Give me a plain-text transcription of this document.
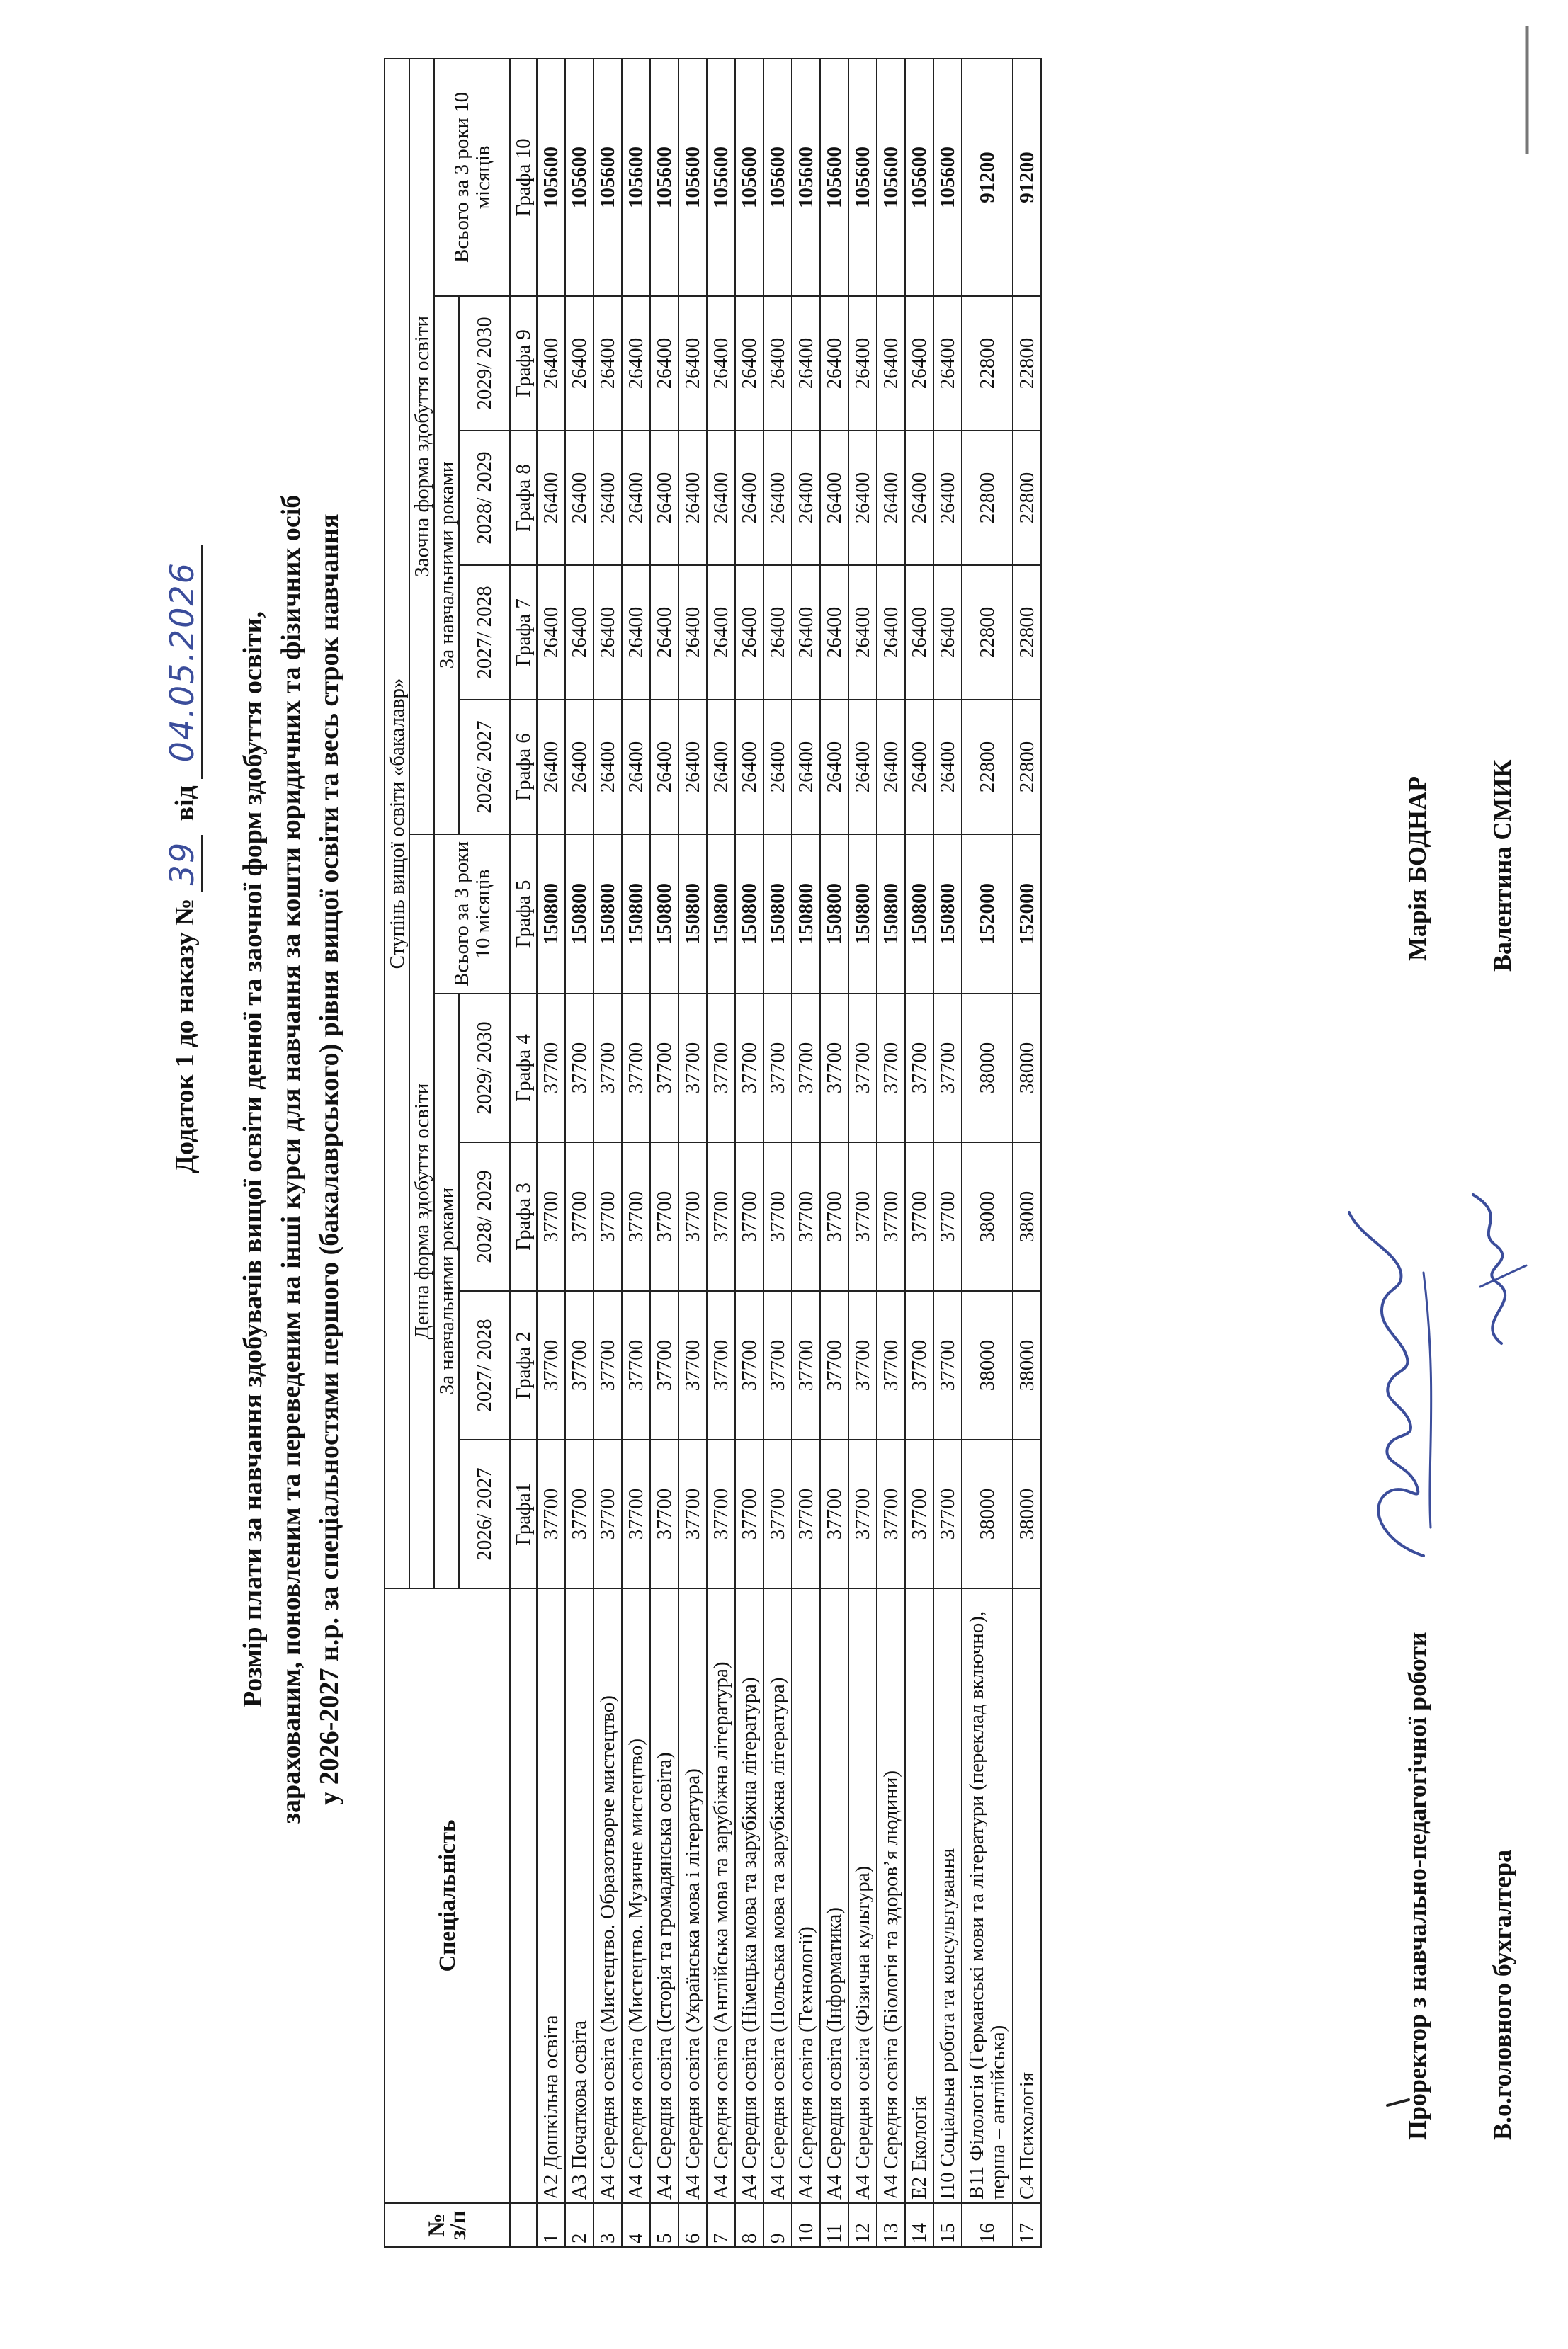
Додаток 1 до наказу № 39 від 04.05.2026 Розмір плати за навчання здобувачів вищої освіти денної та заочної форм здобуття освіти, зарахованим, поновленим та переведеним на інші курси для навчання за кошти юридичних та фізичних осіб у 2026-2027 н.р. за спеціальностями першого (бакалаврського) рівня вищої освіти та весь строк навчання
№ з/п	Спеціальність	Ступінь вищої освіти «бакалавр»									
		Денна форма здобуття освіти					Заочна форма здобуття освіти				
		За навчальними роками				Всього за 3 роки 10 місяців	За навчальними роками				Всього за 3 роки 10 місяців
		2026/ 2027	2027/ 2028	2028/ 2029	2029/ 2030		2026/ 2027	2027/ 2028	2028/ 2029	2029/ 2030	
		Графа1	Графа 2	Графа 3	Графа 4	Графа 5	Графа 6	Графа 7	Графа 8	Графа 9	Графа 10
1	А2 Дошкільна освіта	37700	37700	37700	37700	150800	26400	26400	26400	26400	105600
2	А3 Початкова освіта	37700	37700	37700	37700	150800	26400	26400	26400	26400	105600
3	А4 Середня освіта (Мистецтво. Образотворче мистецтво)	37700	37700	37700	37700	150800	26400	26400	26400	26400	105600
4	А4 Середня освіта (Мистецтво. Музичне мистецтво)	37700	37700	37700	37700	150800	26400	26400	26400	26400	105600
5	А4 Середня освіта (Історія та громадянська освіта)	37700	37700	37700	37700	150800	26400	26400	26400	26400	105600
6	А4 Середня освіта (Українська мова і література)	37700	37700	37700	37700	150800	26400	26400	26400	26400	105600
7	А4 Середня освіта (Англійська мова та зарубіжна література)	37700	37700	37700	37700	150800	26400	26400	26400	26400	105600
8	А4 Середня освіта (Німецька мова та зарубіжна література)	37700	37700	37700	37700	150800	26400	26400	26400	26400	105600
9	А4 Середня освіта (Польська мова та зарубіжна література)	37700	37700	37700	37700	150800	26400	26400	26400	26400	105600
10	А4 Середня освіта (Технології)	37700	37700	37700	37700	150800	26400	26400	26400	26400	105600
11	А4 Середня освіта (Інформатика)	37700	37700	37700	37700	150800	26400	26400	26400	26400	105600
12	А4 Середня освіта (Фізична культура)	37700	37700	37700	37700	150800	26400	26400	26400	26400	105600
13	А4 Середня освіта (Біологія та здоров’я людини)	37700	37700	37700	37700	150800	26400	26400	26400	26400	105600
14	Е2 Екологія	37700	37700	37700	37700	150800	26400	26400	26400	26400	105600
15	І10 Соціальна робота та консультування	37700	37700	37700	37700	150800	26400	26400	26400	26400	105600
16	В11 Філологія (Германські мови та літератури (переклад включно), перша – англійська)	38000	38000	38000	38000	152000	22800	22800	22800	22800	91200
17	С4 Психологія	38000	38000	38000	38000	152000	22800	22800	22800	22800	91200
Проректор з навчально-педагогічної роботи
Марія БОДНАР
В.о.головного бухгалтера
Валентина СМИК
